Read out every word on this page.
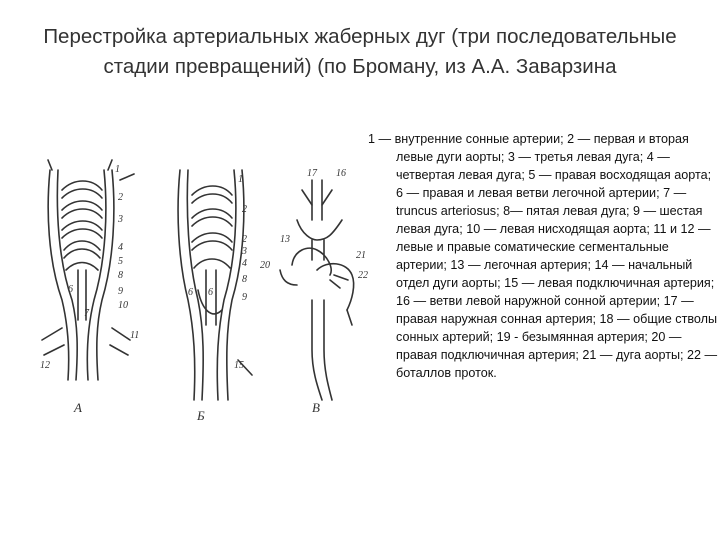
Перестройка артериальных жаберных дуг (три последовательные стадии превращений) (по Броману, из А.А. Заварзина
А
Б
В
1
2
3
4
5
6
7
8
9
10
11
12
1
2
2
3
4
6 6
8
9
15
16
17
13
20
21
22
1 — внутренние сонные артерии; 2 — первая и вторая левые дуги аорты; 3 — третья левая дуга; 4 — четвертая левая дуга; 5 — правая восходящая аорта; 6 — правая и левая ветви легочной артерии; 7 — truncus arteriosus; 8— пятая левая дуга; 9 — шестая левая дуга; 10 — левая нисходящая аорта; 11 и 12 — левые и правые соматические сегментальные артерии; 13 — легочная артерия; 14 — начальный отдел дуги аорты; 15 — левая подключичная артерия; 16 — ветви левой наружной сонной артерии; 17 — правая наружная сонная артерия; 18 — общие стволы сонных артерий; 19 - безымянная артерия; 20 — правая подключичная артерия; 21 — дуга аорты; 22 — боталлов проток.
